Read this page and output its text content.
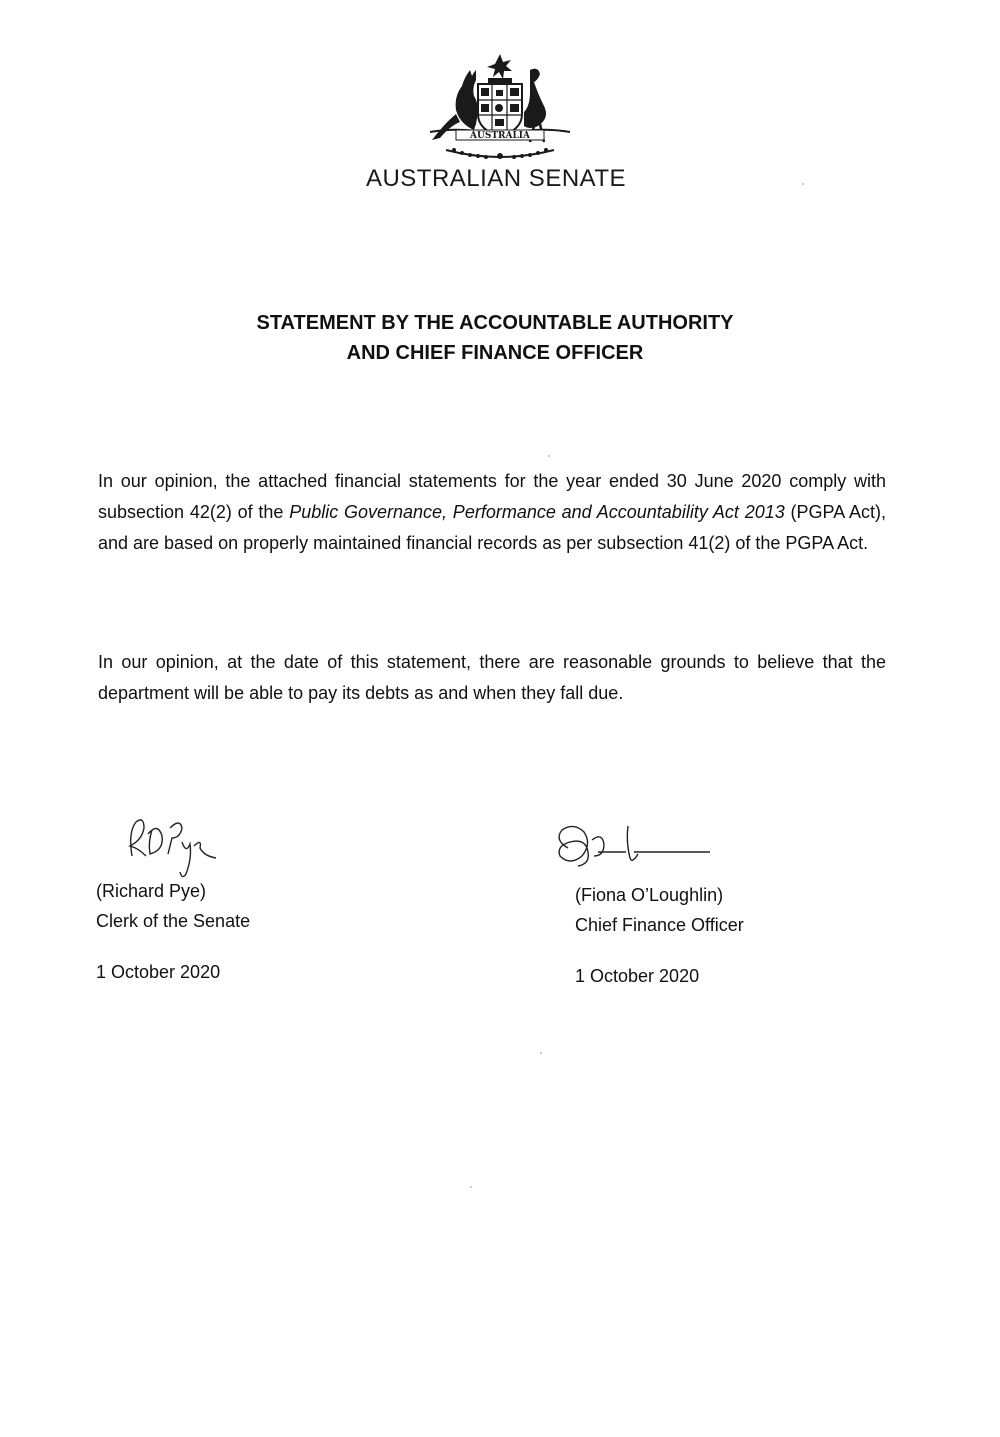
AUSTRALIA
AUSTRALIAN SENATE
STATEMENT BY THE ACCOUNTABLE AUTHORITY
AND CHIEF FINANCE OFFICER
In our opinion, the attached financial statements for the year ended 30 June 2020 comply with subsection 42(2) of the Public Governance, Performance and Accountability Act 2013 (PGPA Act), and are based on properly maintained financial records as per subsection 41(2) of the PGPA Act.
In our opinion, at the date of this statement, there are reasonable grounds to believe that the department will be able to pay its debts as and when they fall due.
(Richard Pye)
Clerk of the Senate
1 October 2020
(Fiona O’Loughlin)
Chief Finance Officer
1 October 2020
